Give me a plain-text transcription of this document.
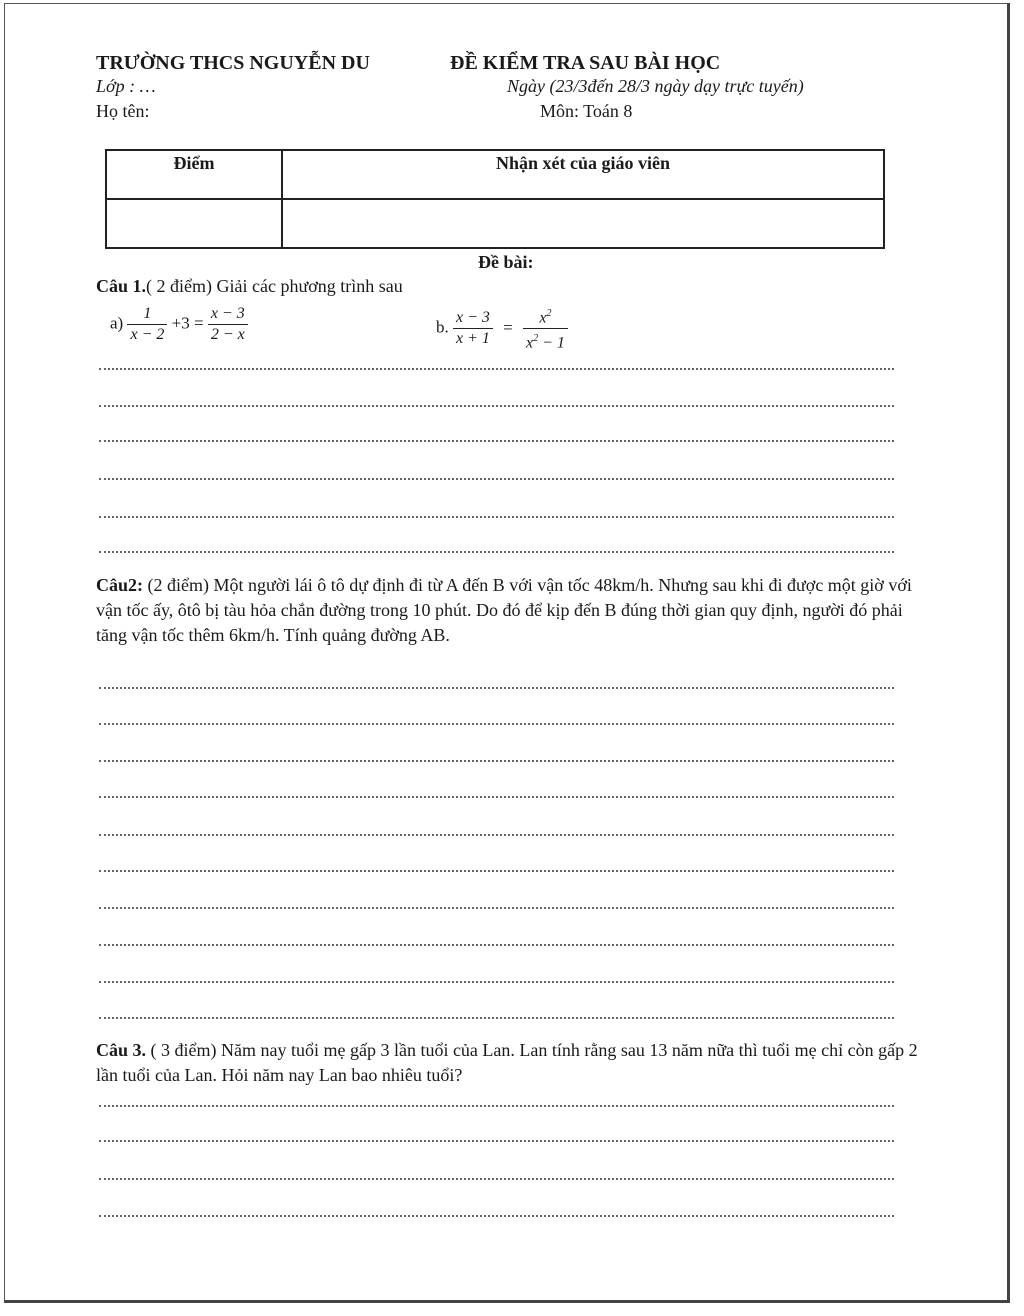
TRƯỜNG THCS NGUYỄN DU	ĐỀ KIỂM TRA SAU BÀI HỌC
Lớp : …	Ngày (23/3đến 28/3 ngày dạy trực tuyến)
Họ tên:	Môn: Toán 8
Điểm	Nhận xét của giáo viên

Đề bài:
Câu 1.( 2 điểm) Giải các phương trình sau
$a) \frac{1}{x - 2} +3 = \frac{x - 3}{2 - x}$	b. $\frac{x - 3}{x + 1} = \frac{x^2}{x^2 - 1}$
Câu2: (2 điểm) Một người lái ô tô dự định đi từ A đến B với vận tốc 48km/h. Nhưng sau khi đi được một giờ với vận tốc ấy, ôtô bị tàu hỏa chắn đường trong 10 phút. Do đó để kịp đến B đúng thời gian quy định, người đó phải tăng vận tốc thêm 6km/h. Tính quảng đường AB.
Câu 3. ( 3 điểm) Năm nay tuổi mẹ gấp 3 lần tuổi của Lan. Lan tính rằng sau 13 năm nữa thì tuổi mẹ chỉ còn gấp 2 lần tuổi của Lan. Hỏi năm nay Lan bao nhiêu tuổi?
